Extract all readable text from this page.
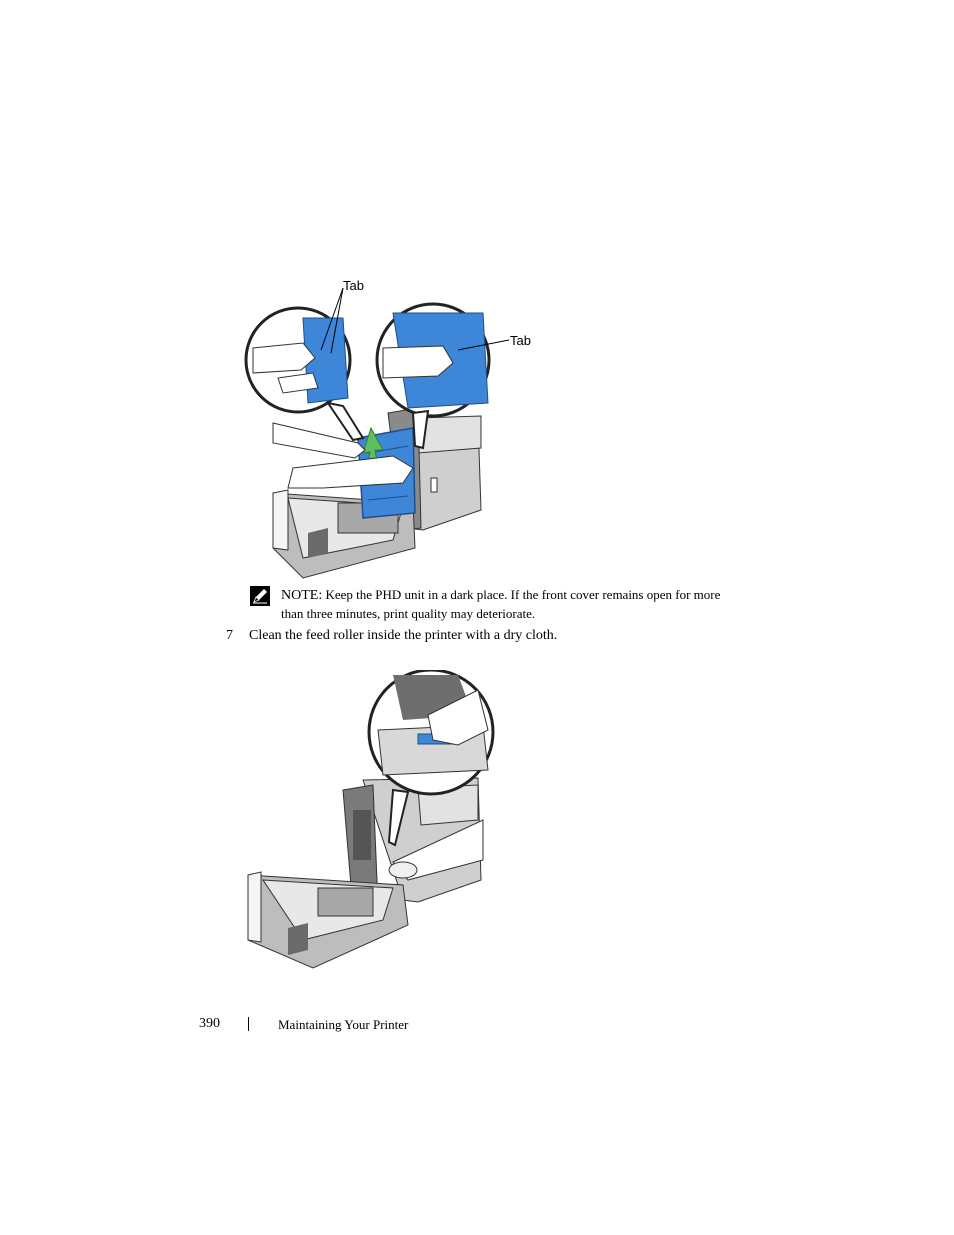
Tab
Tab
NOTE: Keep the PHD unit in a dark place. If the front cover remains open for more than three minutes, print quality may deteriorate.
7 Clean the feed roller inside the printer with a dry cloth.
390	Maintaining Your Printer
